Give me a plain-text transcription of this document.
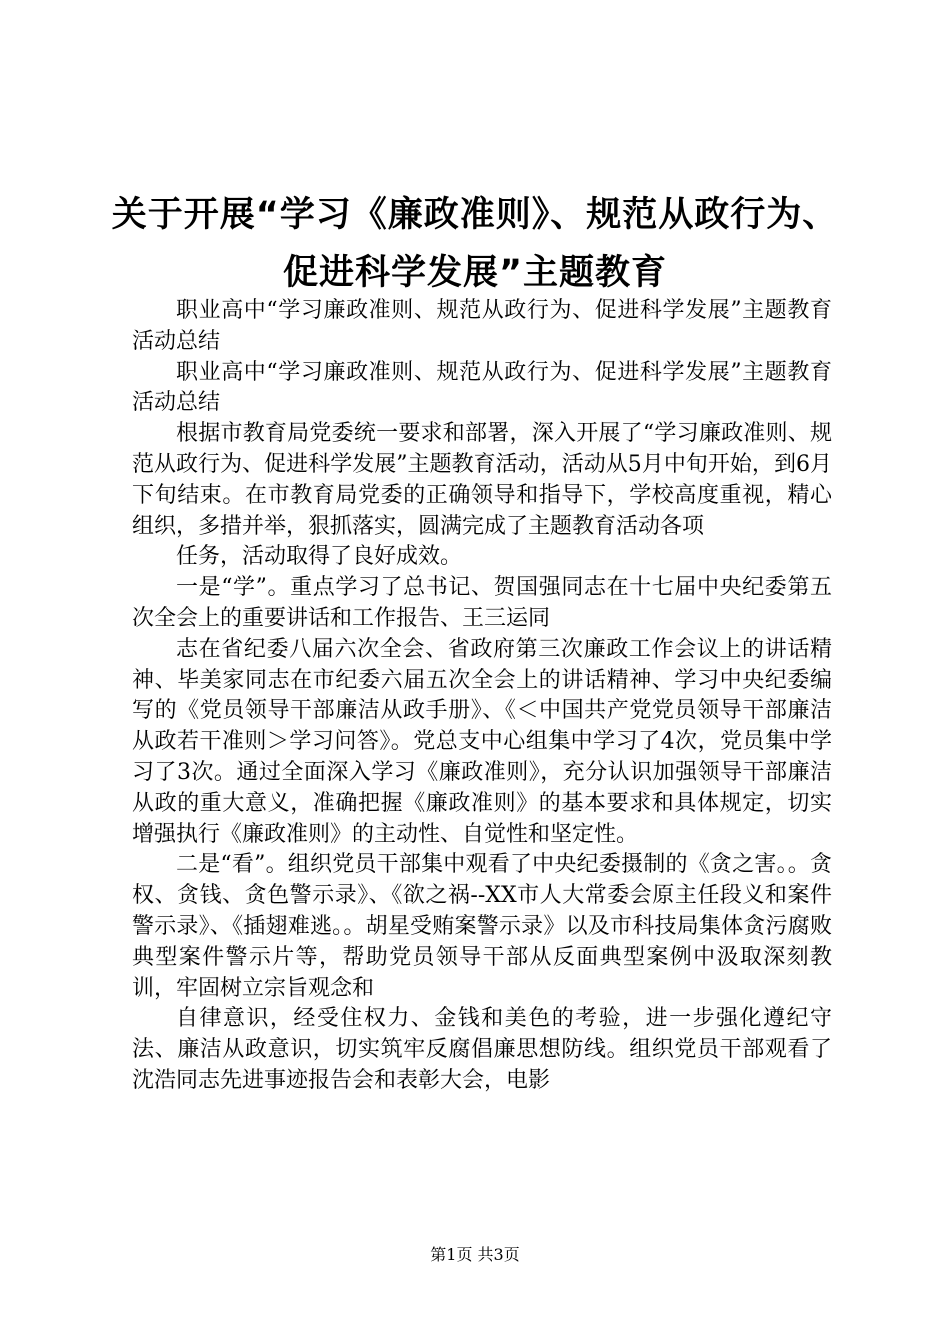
关于开展“学习《廉政准则》、规范从政行为、
促进科学发展”主题教育

职业高中“学习廉政准则、规范从政行为、促进科学发展”主题教育活动总结

职业高中“学习廉政准则、规范从政行为、促进科学发展”主题教育活动总结

根据市教育局党委统一要求和部署，深入开展了“学习廉政准则、规范从政行为、促进科学发展”主题教育活动，活动从5月中旬开始，到6月下旬结束。在市教育局党委的正确领导和指导下，学校高度重视，精心组织，多措并举，狠抓落实，圆满完成了主题教育活动各项

任务，活动取得了良好成效。

一是“学”。重点学习了总书记、贺国强同志在十七届中央纪委第五次全会上的重要讲话和工作报告、王三运同

志在省纪委八届六次全会、省政府第三次廉政工作会议上的讲话精神、毕美家同志在市纪委六届五次全会上的讲话精神、学习中央纪委编写的《党员领导干部廉洁从政手册》、《＜中国共产党党员领导干部廉洁从政若干准则＞学习问答》。党总支中心组集中学习了4次，党员集中学习了3次。通过全面深入学习《廉政准则》，充分认识加强领导干部廉洁从政的重大意义，准确把握《廉政准则》的基本要求和具体规定，切实增强执行《廉政准则》的主动性、自觉性和坚定性。

二是“看”。组织党员干部集中观看了中央纪委摄制的《贪之害。。贪权、贪钱、贪色警示录》、《欲之祸--XX市人大常委会原主任段义和案件警示录》、《插翅难逃。。胡星受贿案警示录》以及市科技局集体贪污腐败典型案件警示片等，帮助党员领导干部从反面典型案例中汲取深刻教训，牢固树立宗旨观念和

自律意识，经受住权力、金钱和美色的考验，进一步强化遵纪守法、廉洁从政意识，切实筑牢反腐倡廉思想防线。组织党员干部观看了沈浩同志先进事迹报告会和表彰大会，电影

第1页 共3页
